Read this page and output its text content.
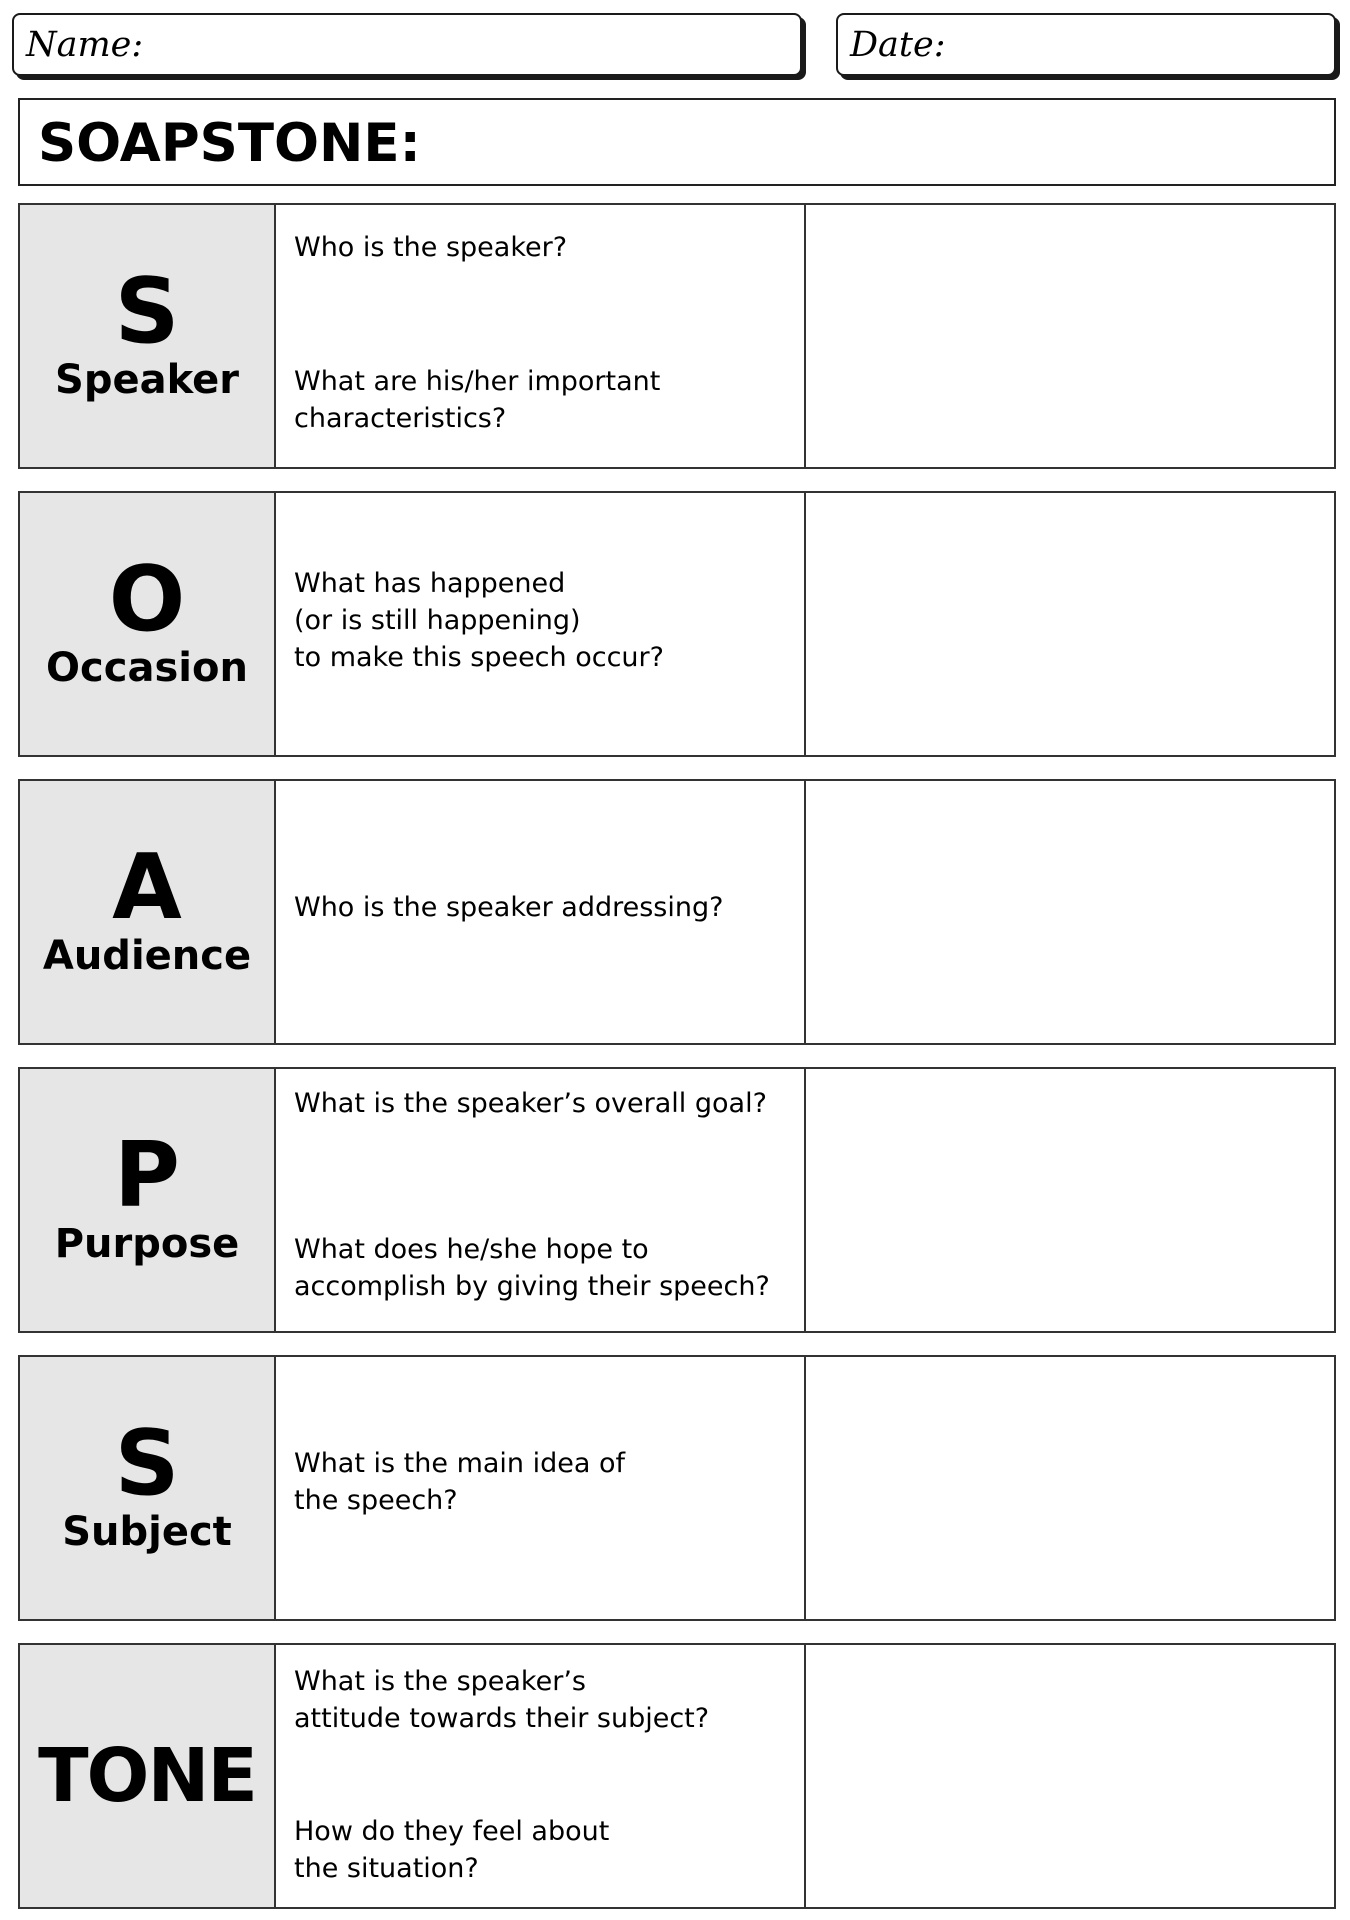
Name:	Date:
SOAPSTONE:
S
Speaker
Who is the speaker?
What are his/her important
characteristics?
O
Occasion
What has happened
(or is still happening)
to make this speech occur?
A
Audience
Who is the speaker addressing?
P
Purpose
What is the speaker’s overall goal?
What does he/she hope to
accomplish by giving their speech?
S
Subject
What is the main idea of
the speech?
TONE
What is the speaker’s
attitude towards their subject?
How do they feel about
the situation?
